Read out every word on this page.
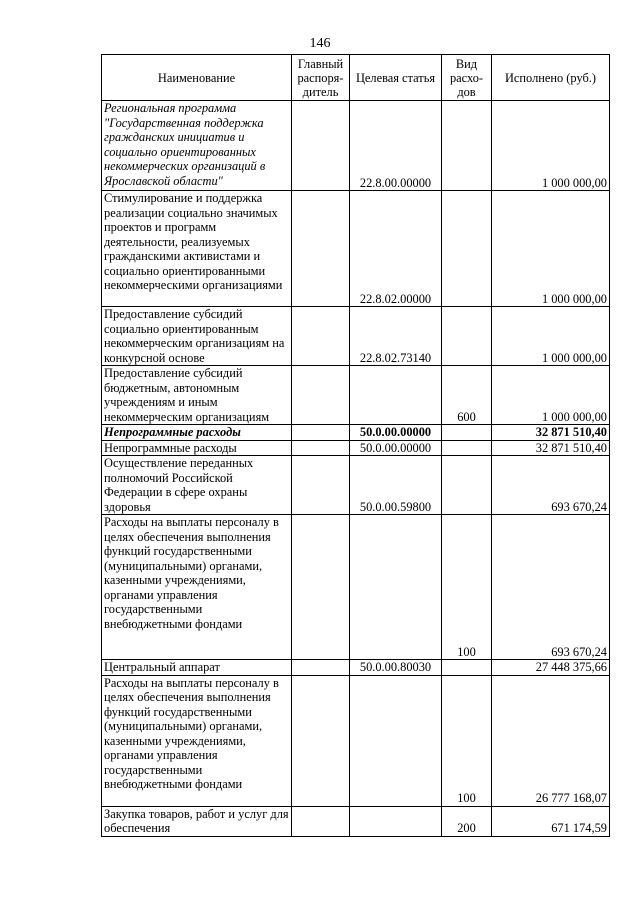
146
Наименование	Главный распоря-дитель	Целевая статья	Вид расхо-дов	Исполнено (руб.)
Региональная программа "Государственная поддержка гражданских инициатив и социально ориентированных некоммерческих организаций в Ярославской области"		22.8.00.00000		1 000 000,00
Стимулирование и поддержка реализации социально значимых проектов и программ деятельности, реализуемых гражданскими активистами и социально ориентированными некоммерческими организациями		22.8.02.00000		1 000 000,00
Предоставление субсидий социально ориентированным некоммерческим организациям на конкурсной основе		22.8.02.73140		1 000 000,00
Предоставление субсидий бюджетным, автономным учреждениям и иным некоммерческим организациям			600	1 000 000,00
Непрограммные расходы		50.0.00.00000		32 871 510,40
Непрограммные расходы		50.0.00.00000		32 871 510,40
Осуществление переданных полномочий Российской Федерации в сфере охраны здоровья		50.0.00.59800		693 670,24
Расходы на выплаты персоналу в целях обеспечения выполнения функций государственными (муниципальными) органами, казенными учреждениями, органами управления государственными внебюджетными фондами			100	693 670,24
Центральный аппарат		50.0.00.80030		27 448 375,66
Расходы на выплаты персоналу в целях обеспечения выполнения функций государственными (муниципальными) органами, казенными учреждениями, органами управления государственными внебюджетными фондами			100	26 777 168,07
Закупка товаров, работ и услуг для обеспечения			200	671 174,59
